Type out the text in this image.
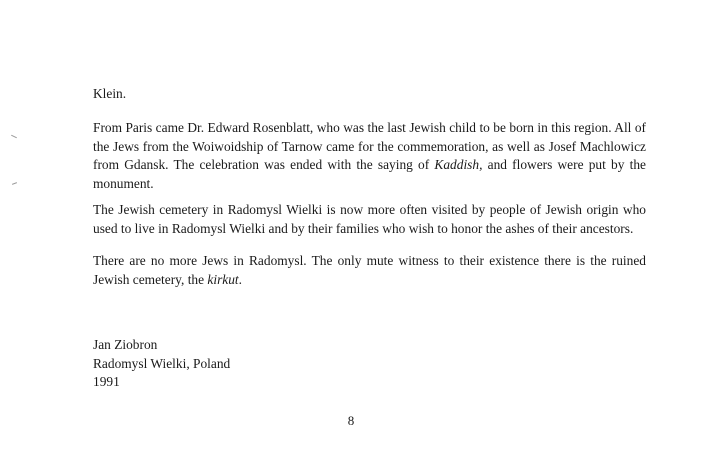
Klein.

From Paris came Dr. Edward Rosenblatt, who was the last Jewish child to be born in this region. All of the Jews from the Woiwoidship of Tarnow came for the commemoration, as well as Josef Machlowicz from Gdansk. The celebration was ended with the saying of Kaddish, and flowers were put by the monument.

The Jewish cemetery in Radomysl Wielki is now more often visited by people of Jewish origin who used to live in Radomysl Wielki and by their families who wish to honor the ashes of their ancestors.

There are no more Jews in Radomysl. The only mute witness to their existence there is the ruined Jewish cemetery, the kirkut.

Jan Ziobron
Radomysl Wielki, Poland
1991
8
